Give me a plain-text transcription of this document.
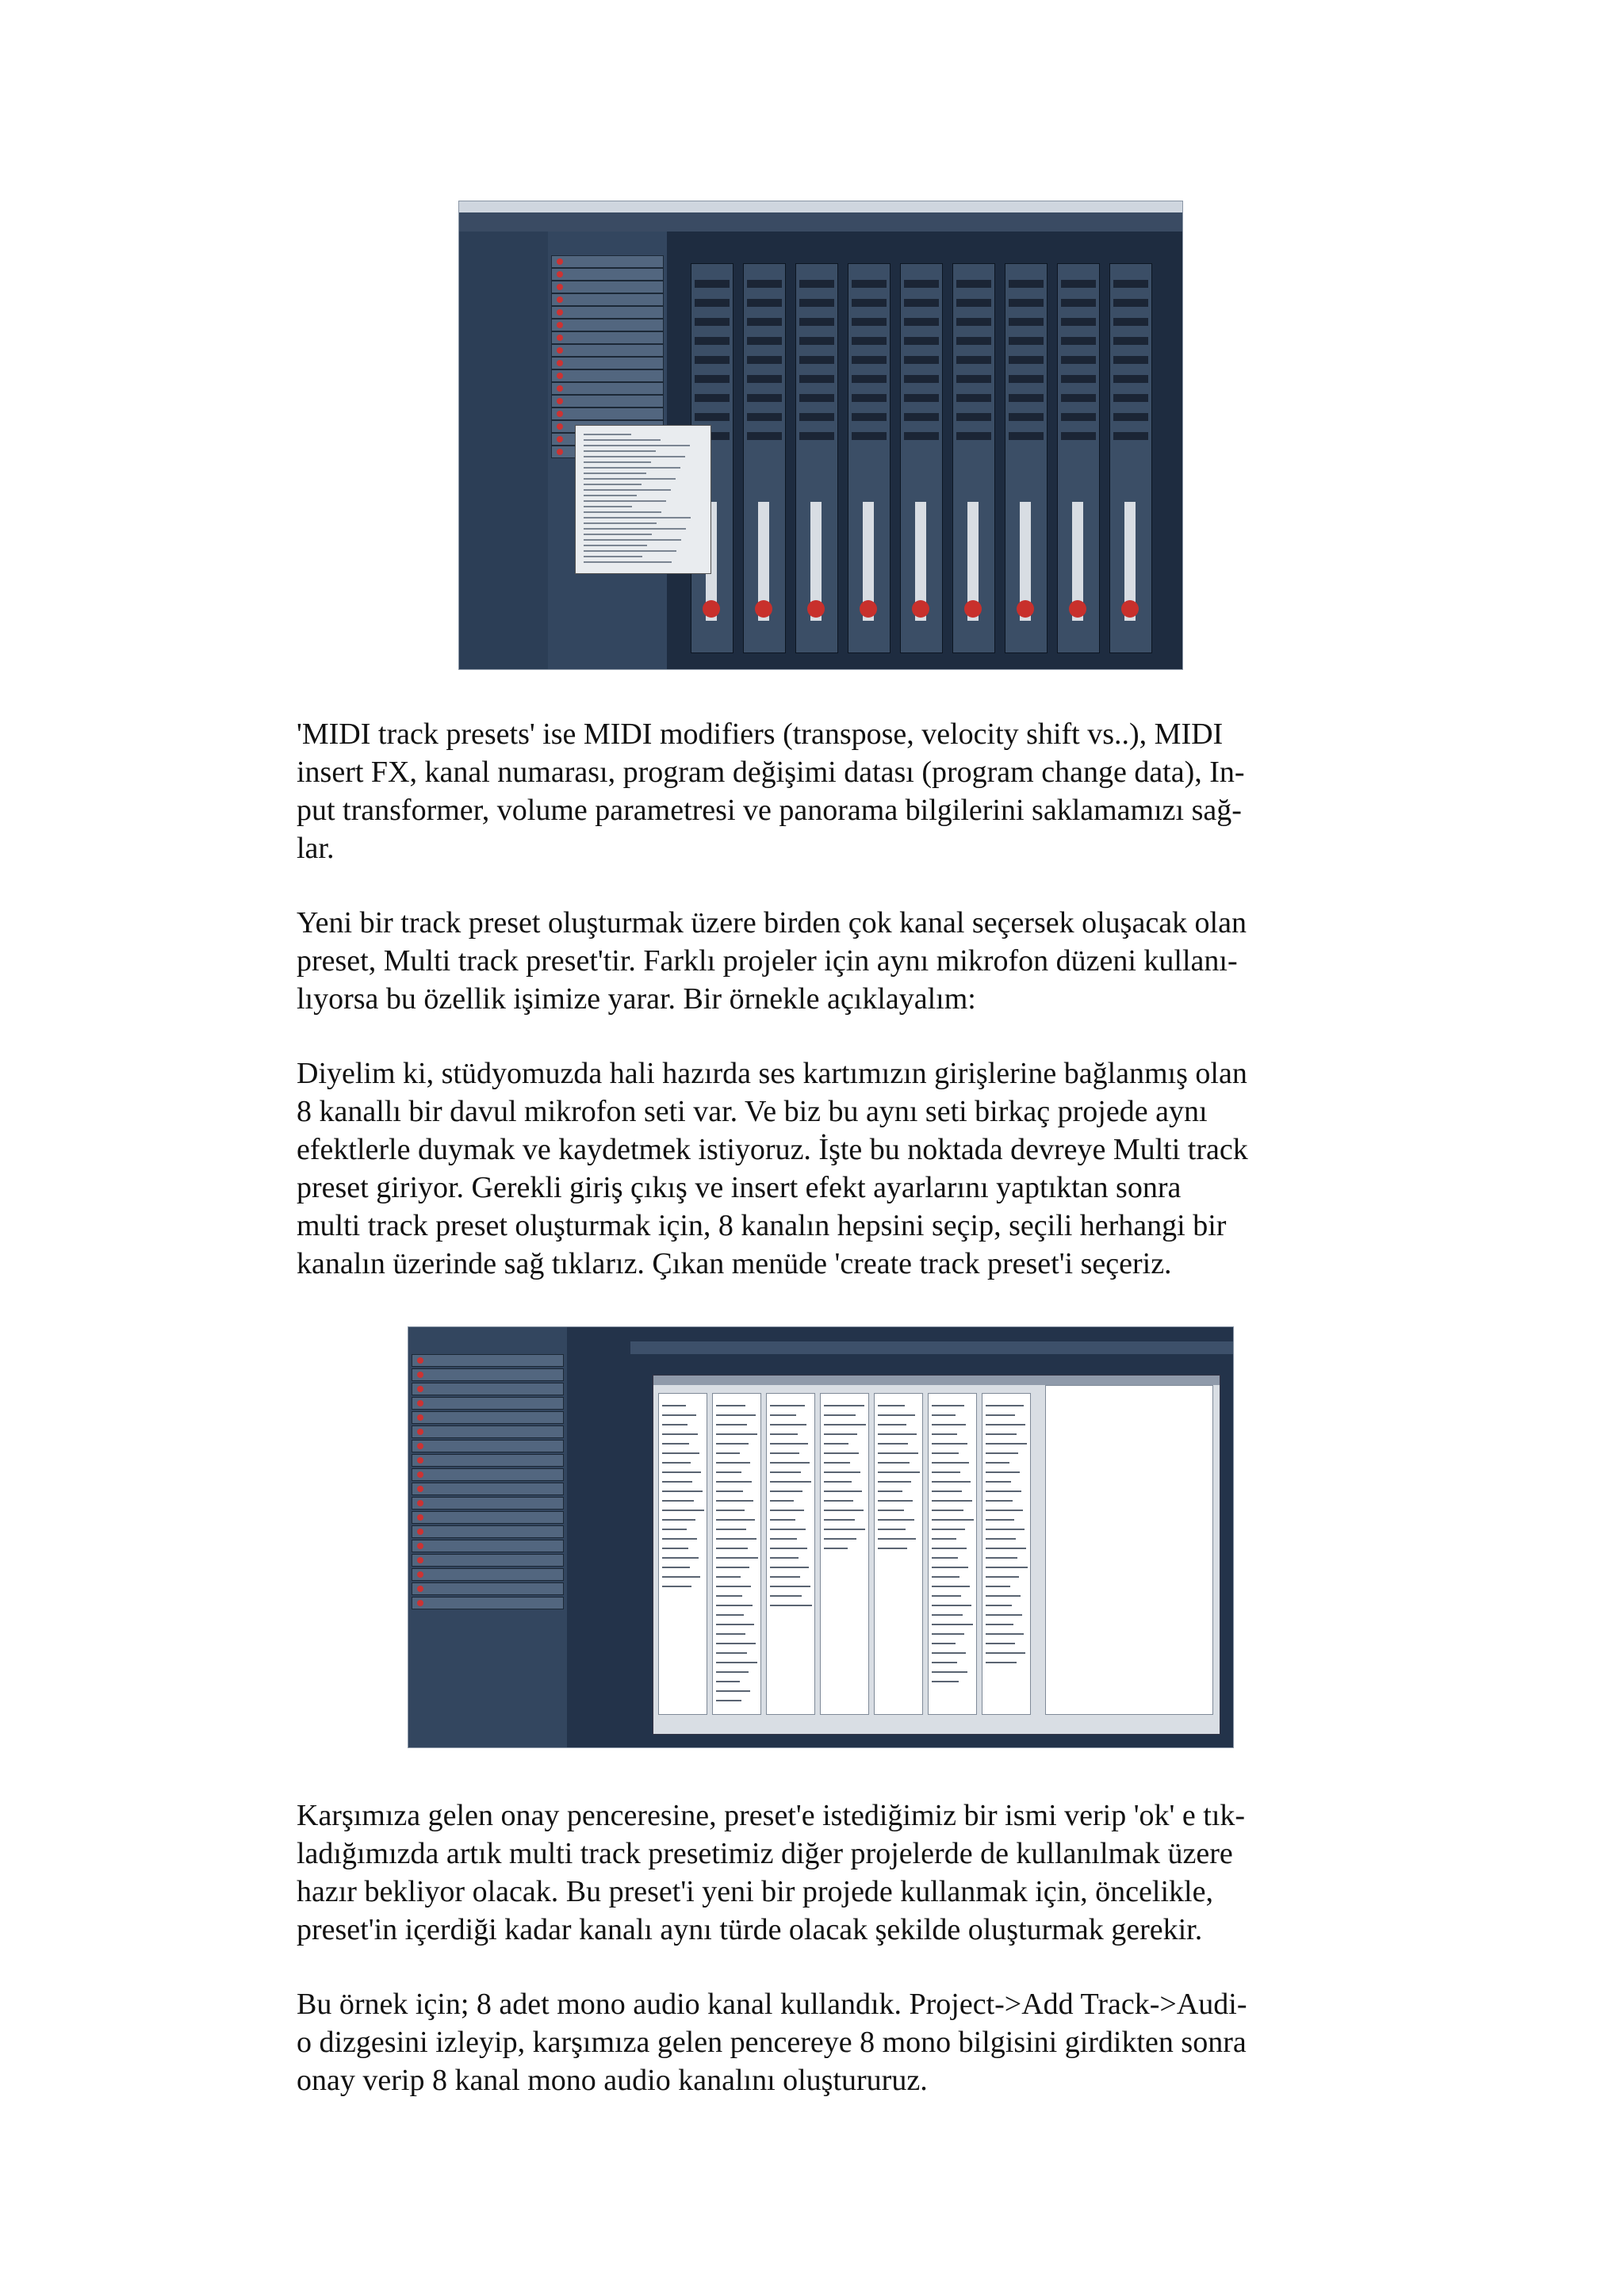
'MIDI track presets' ise MIDI modifiers (transpose, velocity shift vs..), MIDI
insert FX, kanal numarası, program değişimi datası (program change data), In-
put transformer, volume parametresi ve panorama bilgilerini saklamamızı sağ-
lar.

Yeni bir track preset oluşturmak üzere birden çok kanal seçersek oluşacak olan
preset, Multi track preset'tir. Farklı projeler için aynı mikrofon düzeni kullanı-
lıyorsa bu özellik işimize yarar. Bir örnekle açıklayalım:

Diyelim ki, stüdyomuzda hali hazırda ses kartımızın girişlerine bağlanmış olan
8 kanallı bir davul mikrofon seti var. Ve biz bu aynı seti birkaç projede aynı
efektlerle duymak ve kaydetmek istiyoruz. İşte bu noktada devreye Multi track
preset giriyor. Gerekli giriş çıkış ve insert efekt ayarlarını yaptıktan sonra
multi track preset oluşturmak için, 8 kanalın hepsini seçip, seçili herhangi bir
kanalın üzerinde sağ tıklarız. Çıkan menüde 'create track preset'i seçeriz.

Karşımıza gelen onay penceresine, preset'e istediğimiz bir ismi verip 'ok' e tık-
ladığımızda artık multi track presetimiz diğer projelerde de kullanılmak üzere
hazır bekliyor olacak. Bu preset'i yeni bir projede kullanmak için, öncelikle,
preset'in içerdiği kadar kanalı aynı türde olacak şekilde oluşturmak gerekir.

Bu örnek için; 8 adet mono audio kanal kullandık. Project->Add Track->Audi-
o dizgesini izleyip, karşımıza gelen pencereye 8 mono bilgisini girdikten sonra
onay verip 8 kanal mono audio kanalını oluştururuz.
